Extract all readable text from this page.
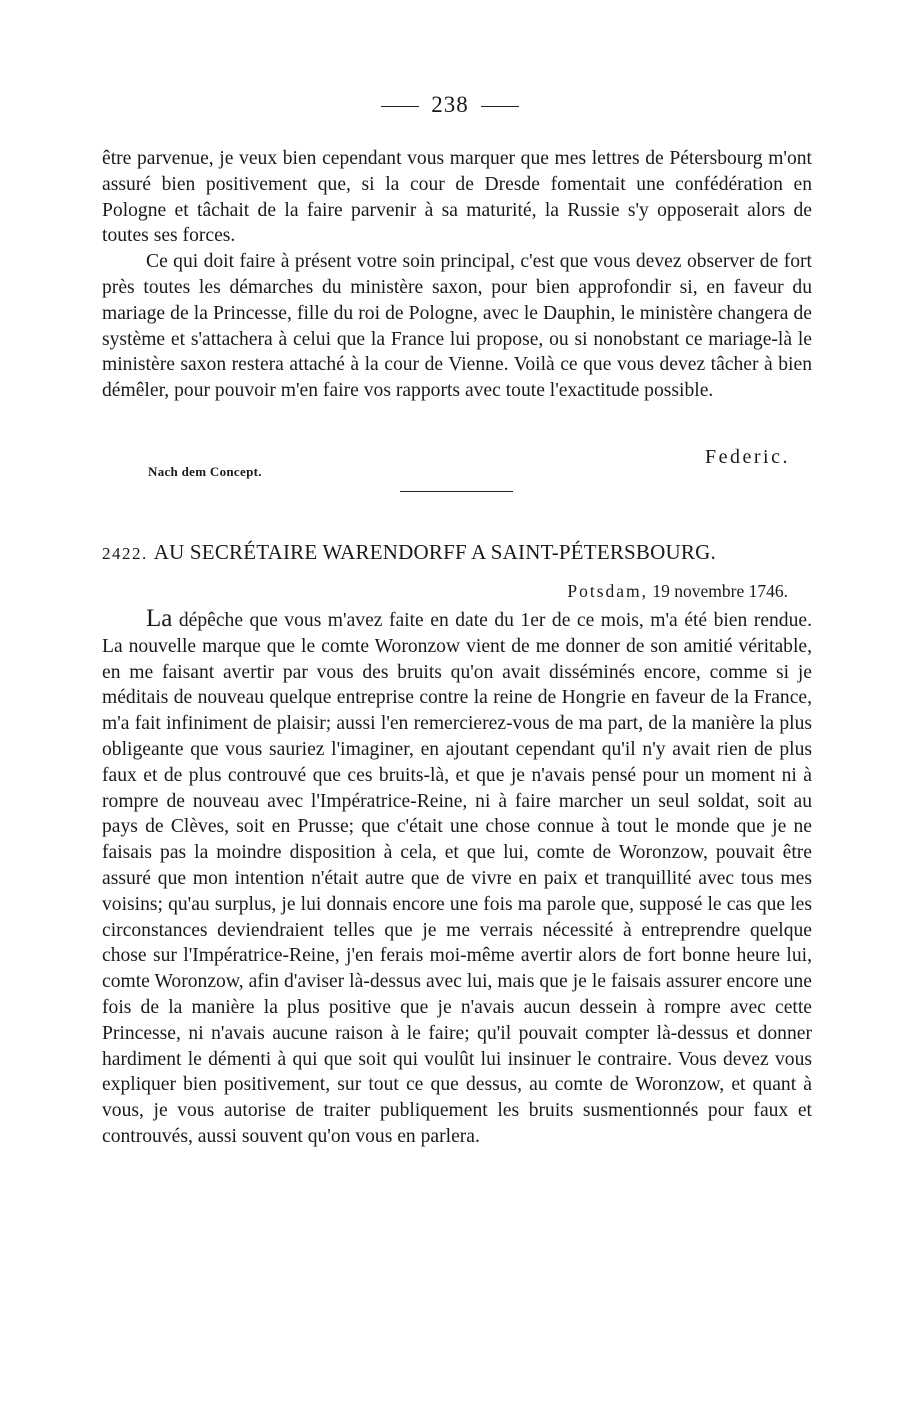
238

être parvenue, je veux bien cependant vous marquer que mes lettres de Pétersbourg m'ont assuré bien positivement que, si la cour de Dresde fomentait une confédération en Pologne et tâchait de la faire parvenir à sa maturité, la Russie s'y opposerait alors de toutes ses forces.

Ce qui doit faire à présent votre soin principal, c'est que vous devez observer de fort près toutes les démarches du ministère saxon, pour bien approfondir si, en faveur du mariage de la Princesse, fille du roi de Pologne, avec le Dauphin, le ministère changera de système et s'attachera à celui que la France lui propose, ou si nonobstant ce mariage-là le ministère saxon restera attaché à la cour de Vienne. Voilà ce que vous devez tâcher à bien démêler, pour pouvoir m'en faire vos rapports avec toute l'exactitude possible.

Nach dem Concept.
Federic.
2422. AU SECRÉTAIRE WARENDORFF A SAINT-PÉTERSBOURG.
Potsdam, 19 novembre 1746.

La dépêche que vous m'avez faite en date du 1er de ce mois, m'a été bien rendue. La nouvelle marque que le comte Woronzow vient de me donner de son amitié véritable, en me faisant avertir par vous des bruits qu'on avait disséminés encore, comme si je méditais de nouveau quelque entreprise contre la reine de Hongrie en faveur de la France, m'a fait infiniment de plaisir; aussi l'en remercierez-vous de ma part, de la manière la plus obligeante que vous sauriez l'imaginer, en ajoutant cependant qu'il n'y avait rien de plus faux et de plus controuvé que ces bruits-là, et que je n'avais pensé pour un moment ni à rompre de nouveau avec l'Impératrice-Reine, ni à faire marcher un seul soldat, soit au pays de Clèves, soit en Prusse; que c'était une chose connue à tout le monde que je ne faisais pas la moindre disposition à cela, et que lui, comte de Woronzow, pouvait être assuré que mon intention n'était autre que de vivre en paix et tranquillité avec tous mes voisins; qu'au surplus, je lui donnais encore une fois ma parole que, supposé le cas que les circonstances deviendraient telles que je me verrais nécessité à entreprendre quelque chose sur l'Impératrice-Reine, j'en ferais moi-même avertir alors de fort bonne heure lui, comte Woronzow, afin d'aviser là-dessus avec lui, mais que je le faisais assurer encore une fois de la manière la plus positive que je n'avais aucun dessein à rompre avec cette Princesse, ni n'avais aucune raison à le faire; qu'il pouvait compter là-dessus et donner hardiment le démenti à qui que soit qui voulût lui insinuer le contraire. Vous devez vous expliquer bien positivement, sur tout ce que dessus, au comte de Woronzow, et quant à vous, je vous autorise de traiter publiquement les bruits susmentionnés pour faux et controuvés, aussi souvent qu'on vous en parlera.
